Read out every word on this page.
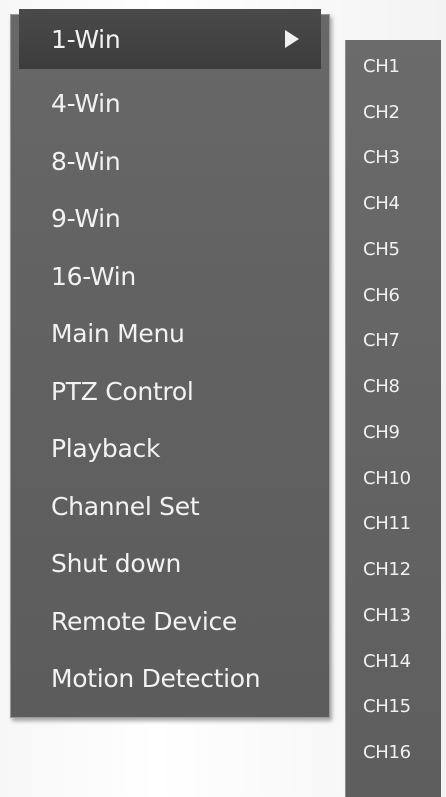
1-Win
4-Win
8-Win
9-Win
16-Win
Main Menu
PTZ Control
Playback
Channel Set
Shut down
Remote Device
Motion Detection
CH1
CH2
CH3
CH4
CH5
CH6
CH7
CH8
CH9
CH10
CH11
CH12
CH13
CH14
CH15
CH16
